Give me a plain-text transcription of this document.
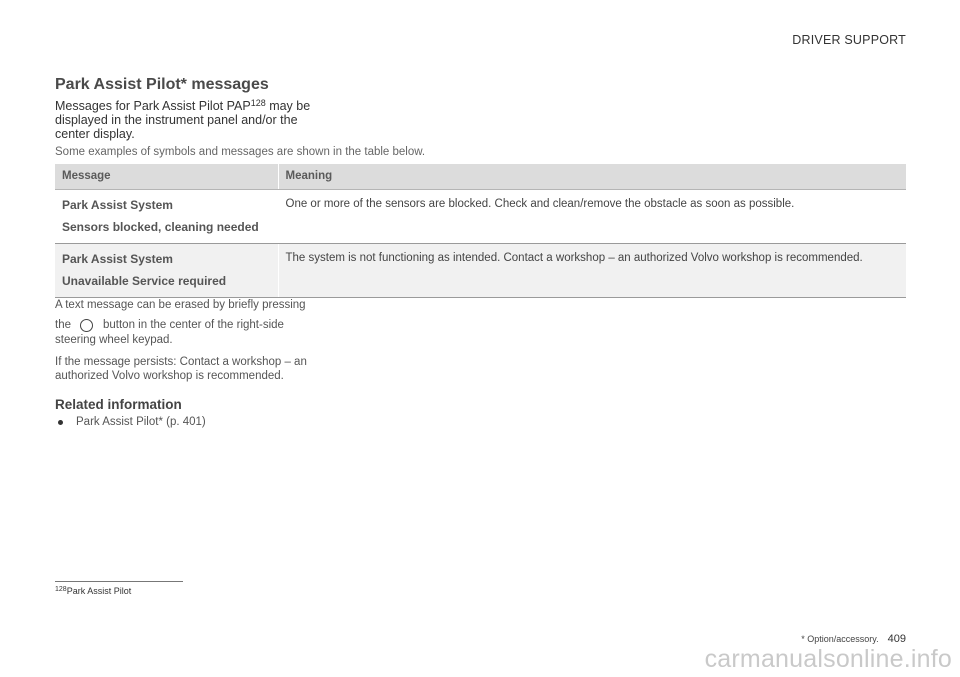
DRIVER SUPPORT
Park Assist Pilot* messages

Messages for Park Assist Pilot PAP$^{128}$ may be displayed in the instrument panel and/or the center display.

Some examples of symbols and messages are shown in the table below.

Message	Meaning

Park Assist System
Sensors blocked, cleaning needed	One or more of the sensors are blocked. Check and clean/remove the obstacle as soon as possible.

Park Assist System
Unavailable Service required	The system is not functioning as intended. Contact a workshop – an authorized Volvo workshop is recommended.
A text message can be erased by briefly pressing
the	button in the center of the right-side
steering wheel keypad.

If the message persists: Contact a workshop – an authorized Volvo workshop is recommended.

Related information
Park Assist Pilot* (p. 401)
$^{128}$Park Assist Pilot
* Option/accessory. 409
carmanualsonline.info
